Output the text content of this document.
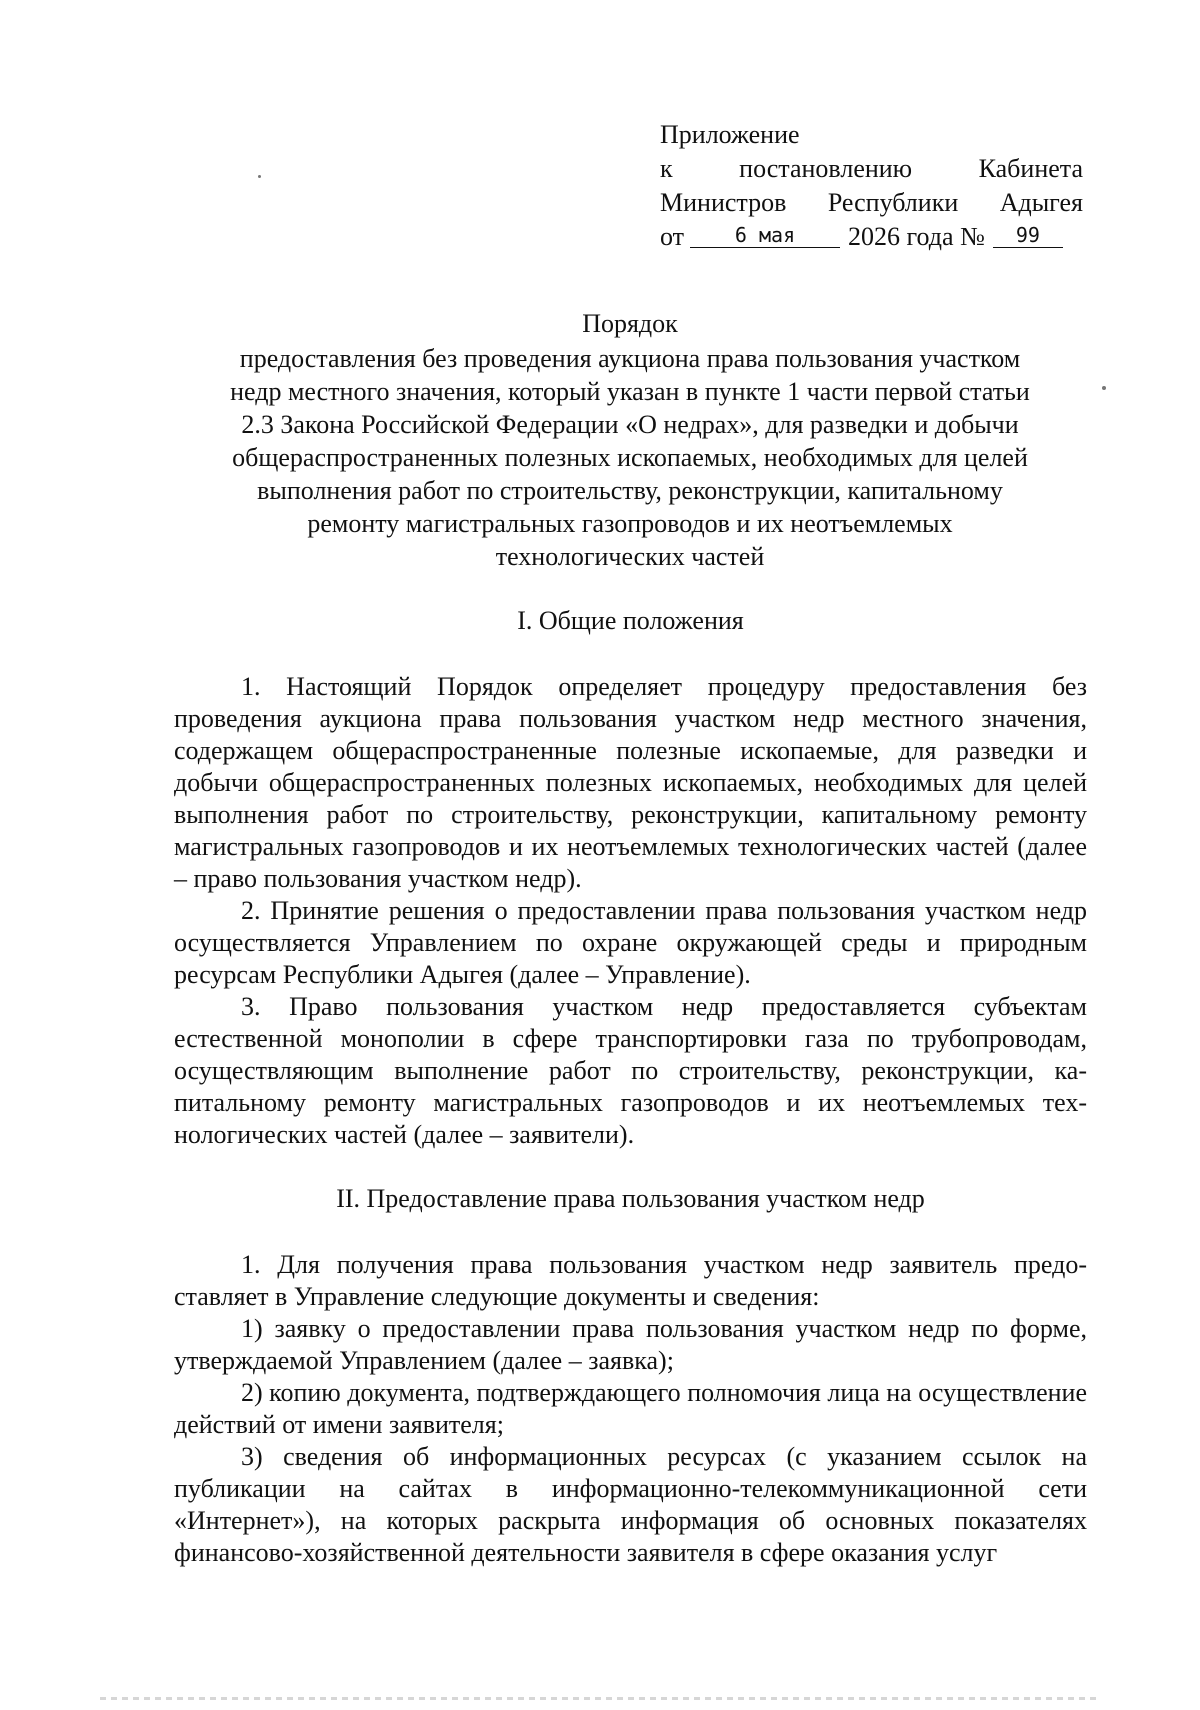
Приложение
к	постановлению	Кабинета
Министров Республики Адыгея
от	6 мая	2026 года №	99
Порядок
предоставления без проведения аукциона права пользования участком
недр местного значения, который указан в пункте 1 части первой статьи
2.3 Закона Российской Федерации «О недрах», для разведки и добычи
общераспространенных полезных ископаемых, необходимых для целей
выполнения работ по строительству, реконструкции, капитальному
ремонту магистральных газопроводов и их неотъемлемых
технологических частей
I. Общие положения

1. Настоящий Порядок определяет процедуру предоставления без проведения аукциона права пользования участком недр местного значения, содержащем общераспространенные полезные ископаемые, для разведки и добычи общераспространенных полезных ископаемых, необходимых для целей выполнения работ по строительству, реконструкции, капитальному ремонту магистральных газопроводов и их неотъемлемых технологических частей (далее – право пользования участком недр).

2. Принятие решения о предоставлении права пользования участком недр осуществляется Управлением по охране окружающей среды и природным ресурсам Республики Адыгея (далее – Управление).

3. Право пользования участком недр предоставляется субъектам естественной монополии в сфере транспортировки газа по трубопроводам, осуществляющим выполнение работ по строительству, реконструкции, капитальному ремонту магистральных газопроводов и их неотъемлемых технологических частей (далее – заявители).

II. Предоставление права пользования участком недр

1. Для получения права пользования участком недр заявитель предоставляет в Управление следующие документы и сведения:

1) заявку о предоставлении права пользования участком недр по форме, утверждаемой Управлением (далее – заявка);

2) копию документа, подтверждающего полномочия лица на осуществление действий от имени заявителя;

3) сведения об информационных ресурсах (с указанием ссылок на публикации на сайтах в информационно-телекоммуникационной сети «Интернет»), на которых раскрыта информация об основных показателях финансово-хозяйственной деятельности заявителя в сфере оказания услуг
